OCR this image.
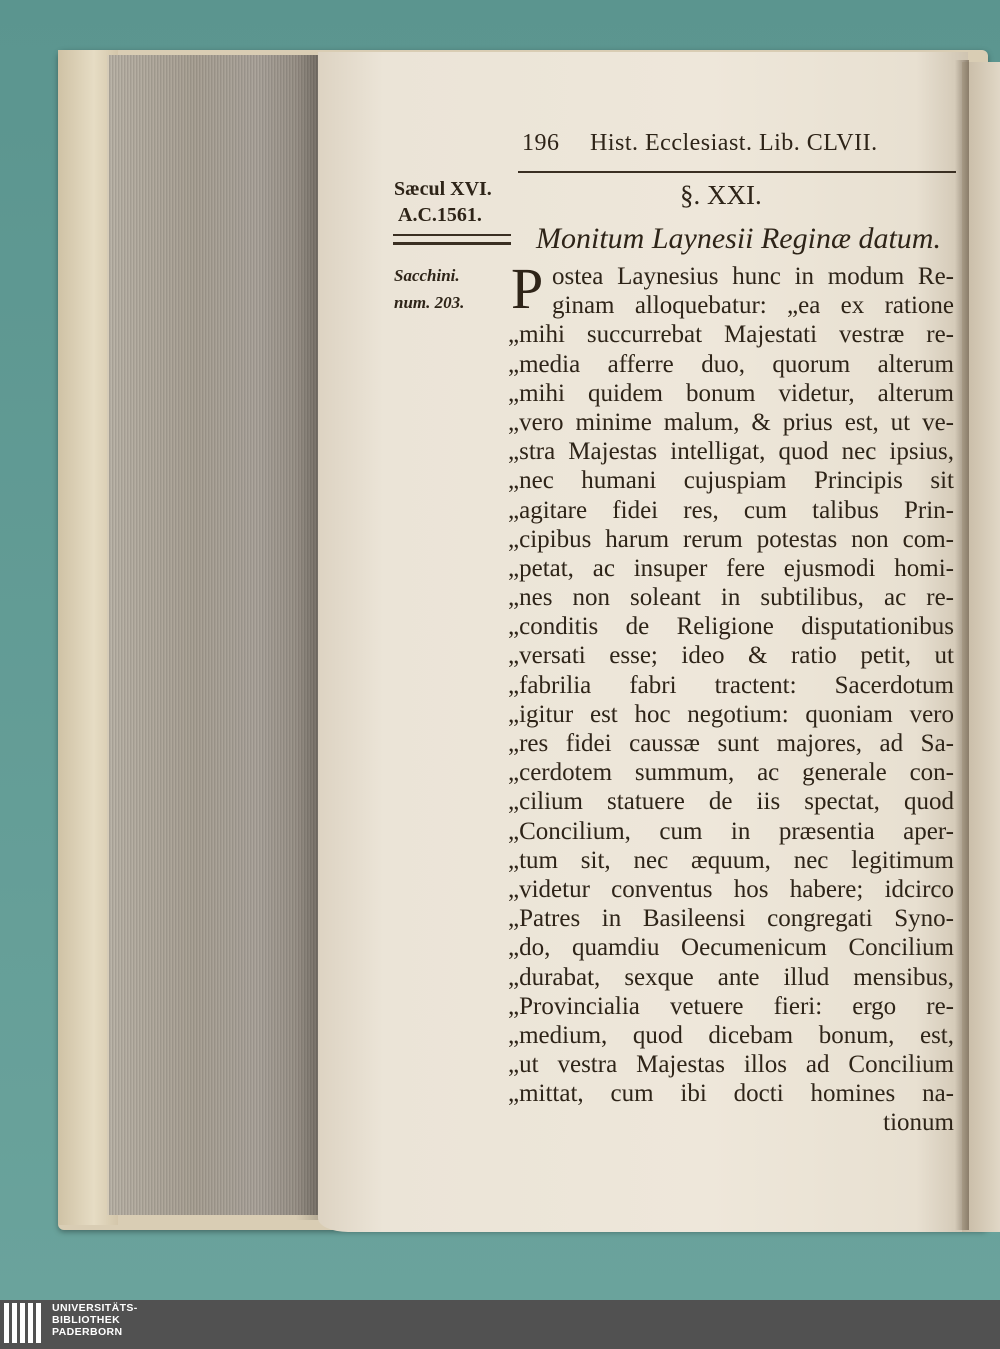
196 Hist. Ecclesiast. Lib. CLVII.
Sæcul XVI.
A.C.1561.
Sacchini.
num. 203.
§. XXI.
Monitum Laynesii Reginæ datum.
P ostea Laynesius hunc in modum Re-
ginam alloquebatur: „ea ex ratione
„mihi succurrebat Majestati vestræ re-
„media afferre duo, quorum alterum
„mihi quidem bonum videtur, alterum
„vero minime malum, & prius est, ut ve-
„stra Majestas intelligat, quod nec ipsius,
„nec humani cujuspiam Principis sit
„agitare fidei res, cum talibus Prin-
„cipibus harum rerum potestas non com-
„petat, ac insuper fere ejusmodi homi-
„nes non soleant in subtilibus, ac re-
„conditis de Religione disputationibus
„versati esse; ideo & ratio petit, ut
„fabrilia fabri tractent: Sacerdotum
„igitur est hoc negotium: quoniam vero
„res fidei caussæ sunt majores, ad Sa-
„cerdotem summum, ac generale con-
„cilium statuere de iis spectat, quod
„Concilium, cum in præsentia aper-
„tum sit, nec æquum, nec legitimum
„videtur conventus hos habere; idcirco
„Patres in Basileensi congregati Syno-
„do, quamdiu Oecumenicum Concilium
„durabat, sexque ante illud mensibus,
„Provincialia vetuere fieri: ergo re-
„medium, quod dicebam bonum, est,
„ut vestra Majestas illos ad Concilium
„mittat, cum ibi docti homines na-
tionum
UNIVERSITÄTS-
BIBLIOTHEK
PADERBORN
